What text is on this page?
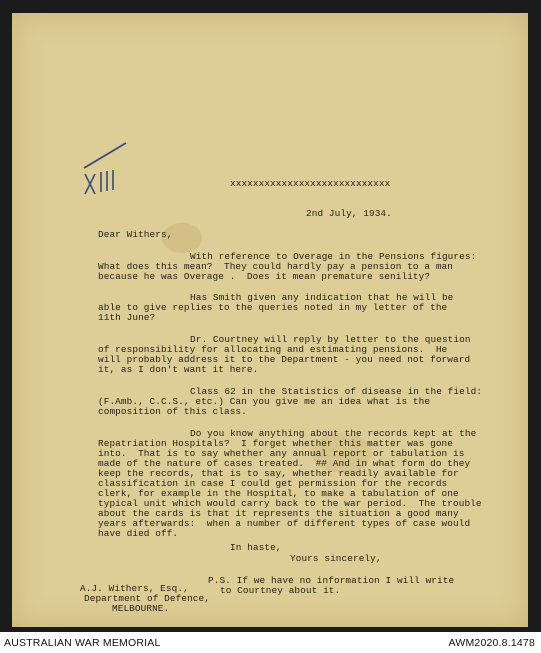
xxxxxxxxxxxxxxxxxxxxxxxxxxxx
2nd July, 1934.
Dear Withers,
With reference to Overage in the Pensions figures:
What does this mean?  They could hardly pay a pension to a man
because he was Overage .  Does it mean premature senility?
Has Smith given any indication that he will be
able to give replies to the queries noted in my letter of the
11th June?
Dr. Courtney will reply by letter to the question
of responsibility for allocating and estimating pensions.  He
will probably address it to the Department - you need not forward
it, as I don't want it here.
Class 62 in the Statistics of disease in the field:
(F.Amb., C.C.S., etc.) Can you give me an idea what is the
composition of this class.
Do you know anything about the records kept at the
Repatriation Hospitals?  I forget whether this matter was gone
into.  That is to say whether any annual report or tabulation is
made of the nature of cases treated.  ## And in what form do they
keep the records, that is to say, whether readily available for
classification in case I could get permission for the records
clerk, for example in the Hospital, to make a tabulation of one
typical unit which would carry back to the war period.  The trouble
about the cards is that it represents the situation a good many
years afterwards:  when a number of different types of case would
have died off.
In haste,
Yours sincerely,
P.S. If we have no information I will write
to Courtney about it.
A.J. Withers, Esq.,
Department of Defence,
MELBOURNE.
AUSTRALIAN WAR MEMORIAL	AWM2020.8.1478
